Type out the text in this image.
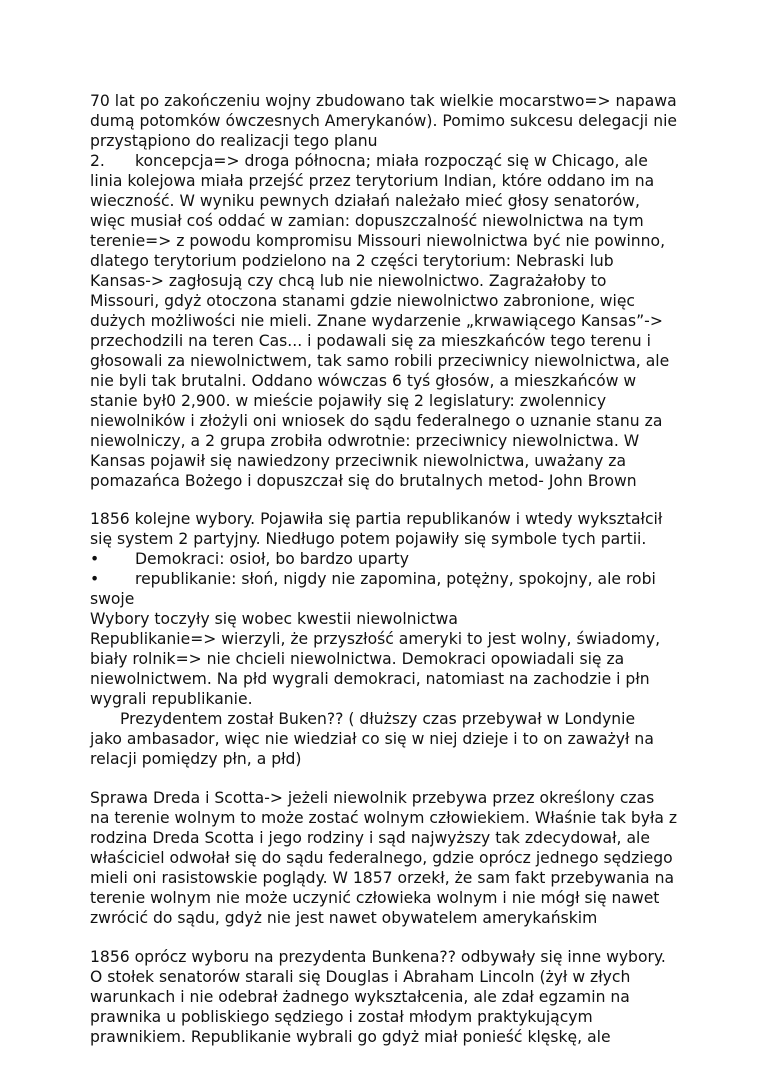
70 lat po zakończeniu wojny zbudowano tak wielkie mocarstwo=> napawa
dumą potomków ówczesnych Amerykanów). Pomimo sukcesu delegacji nie
przystąpiono do realizacji tego planu
2. koncepcja=> droga północna; miała rozpocząć się w Chicago, ale
linia kolejowa miała przejść przez terytorium Indian, które oddano im na
wieczność. W wyniku pewnych działań należało mieć głosy senatorów,
więc musiał coś oddać w zamian: dopuszczalność niewolnictwa na tym
terenie=> z powodu kompromisu Missouri niewolnictwa być nie powinno,
dlatego terytorium podzielono na 2 części terytorium: Nebraski lub
Kansas-> zagłosują czy chcą lub nie niewolnictwo. Zagrażałoby to
Missouri, gdyż otoczona stanami gdzie niewolnictwo zabronione, więc
dużych możliwości nie mieli. Znane wydarzenie „krwawiącego Kansas”->
przechodzili na teren Cas... i podawali się za mieszkańców tego terenu i
głosowali za niewolnictwem, tak samo robili przeciwnicy niewolnictwa, ale
nie byli tak brutalni. Oddano wówczas 6 tyś głosów, a mieszkańców w
stanie był0 2,900. w mieście pojawiły się 2 legislatury: zwolennicy
niewolników i złożyli oni wniosek do sądu federalnego o uznanie stanu za
niewolniczy, a 2 grupa zrobiła odwrotnie: przeciwnicy niewolnictwa. W
Kansas pojawił się nawiedzony przeciwnik niewolnictwa, uważany za
pomazańca Bożego i dopuszczał się do brutalnych metod- John Brown
1856 kolejne wybory. Pojawiła się partia republikanów i wtedy wykształcił
się system 2 partyjny. Niedługo potem pojawiły się symbole tych partii.
• Demokraci: osioł, bo bardzo uparty
• republikanie: słoń, nigdy nie zapomina, potężny, spokojny, ale robi
swoje
Wybory toczyły się wobec kwestii niewolnictwa
Republikanie=> wierzyli, że przyszłość ameryki to jest wolny, świadomy,
biały rolnik=> nie chcieli niewolnictwa. Demokraci opowiadali się za
niewolnictwem. Na płd wygrali demokraci, natomiast na zachodzie i płn
wygrali republikanie.
Prezydentem został Buken?? ( dłuższy czas przebywał w Londynie
jako ambasador, więc nie wiedział co się w niej dzieje i to on zaważył na
relacji pomiędzy płn, a płd)
Sprawa Dreda i Scotta-> jeżeli niewolnik przebywa przez określony czas
na terenie wolnym to może zostać wolnym człowiekiem. Właśnie tak była z
rodzina Dreda Scotta i jego rodziny i sąd najwyższy tak zdecydował, ale
właściciel odwołał się do sądu federalnego, gdzie oprócz jednego sędziego
mieli oni rasistowskie poglądy. W 1857 orzekł, że sam fakt przebywania na
terenie wolnym nie może uczynić człowieka wolnym i nie mógł się nawet
zwrócić do sądu, gdyż nie jest nawet obywatelem amerykańskim
1856 oprócz wyboru na prezydenta Bunkena?? odbywały się inne wybory.
O stołek senatorów starali się Douglas i Abraham Lincoln (żył w złych
warunkach i nie odebrał żadnego wykształcenia, ale zdał egzamin na
prawnika u pobliskiego sędziego i został młodym praktykującym
prawnikiem. Republikanie wybrali go gdyż miał ponieść klęskę, ale
